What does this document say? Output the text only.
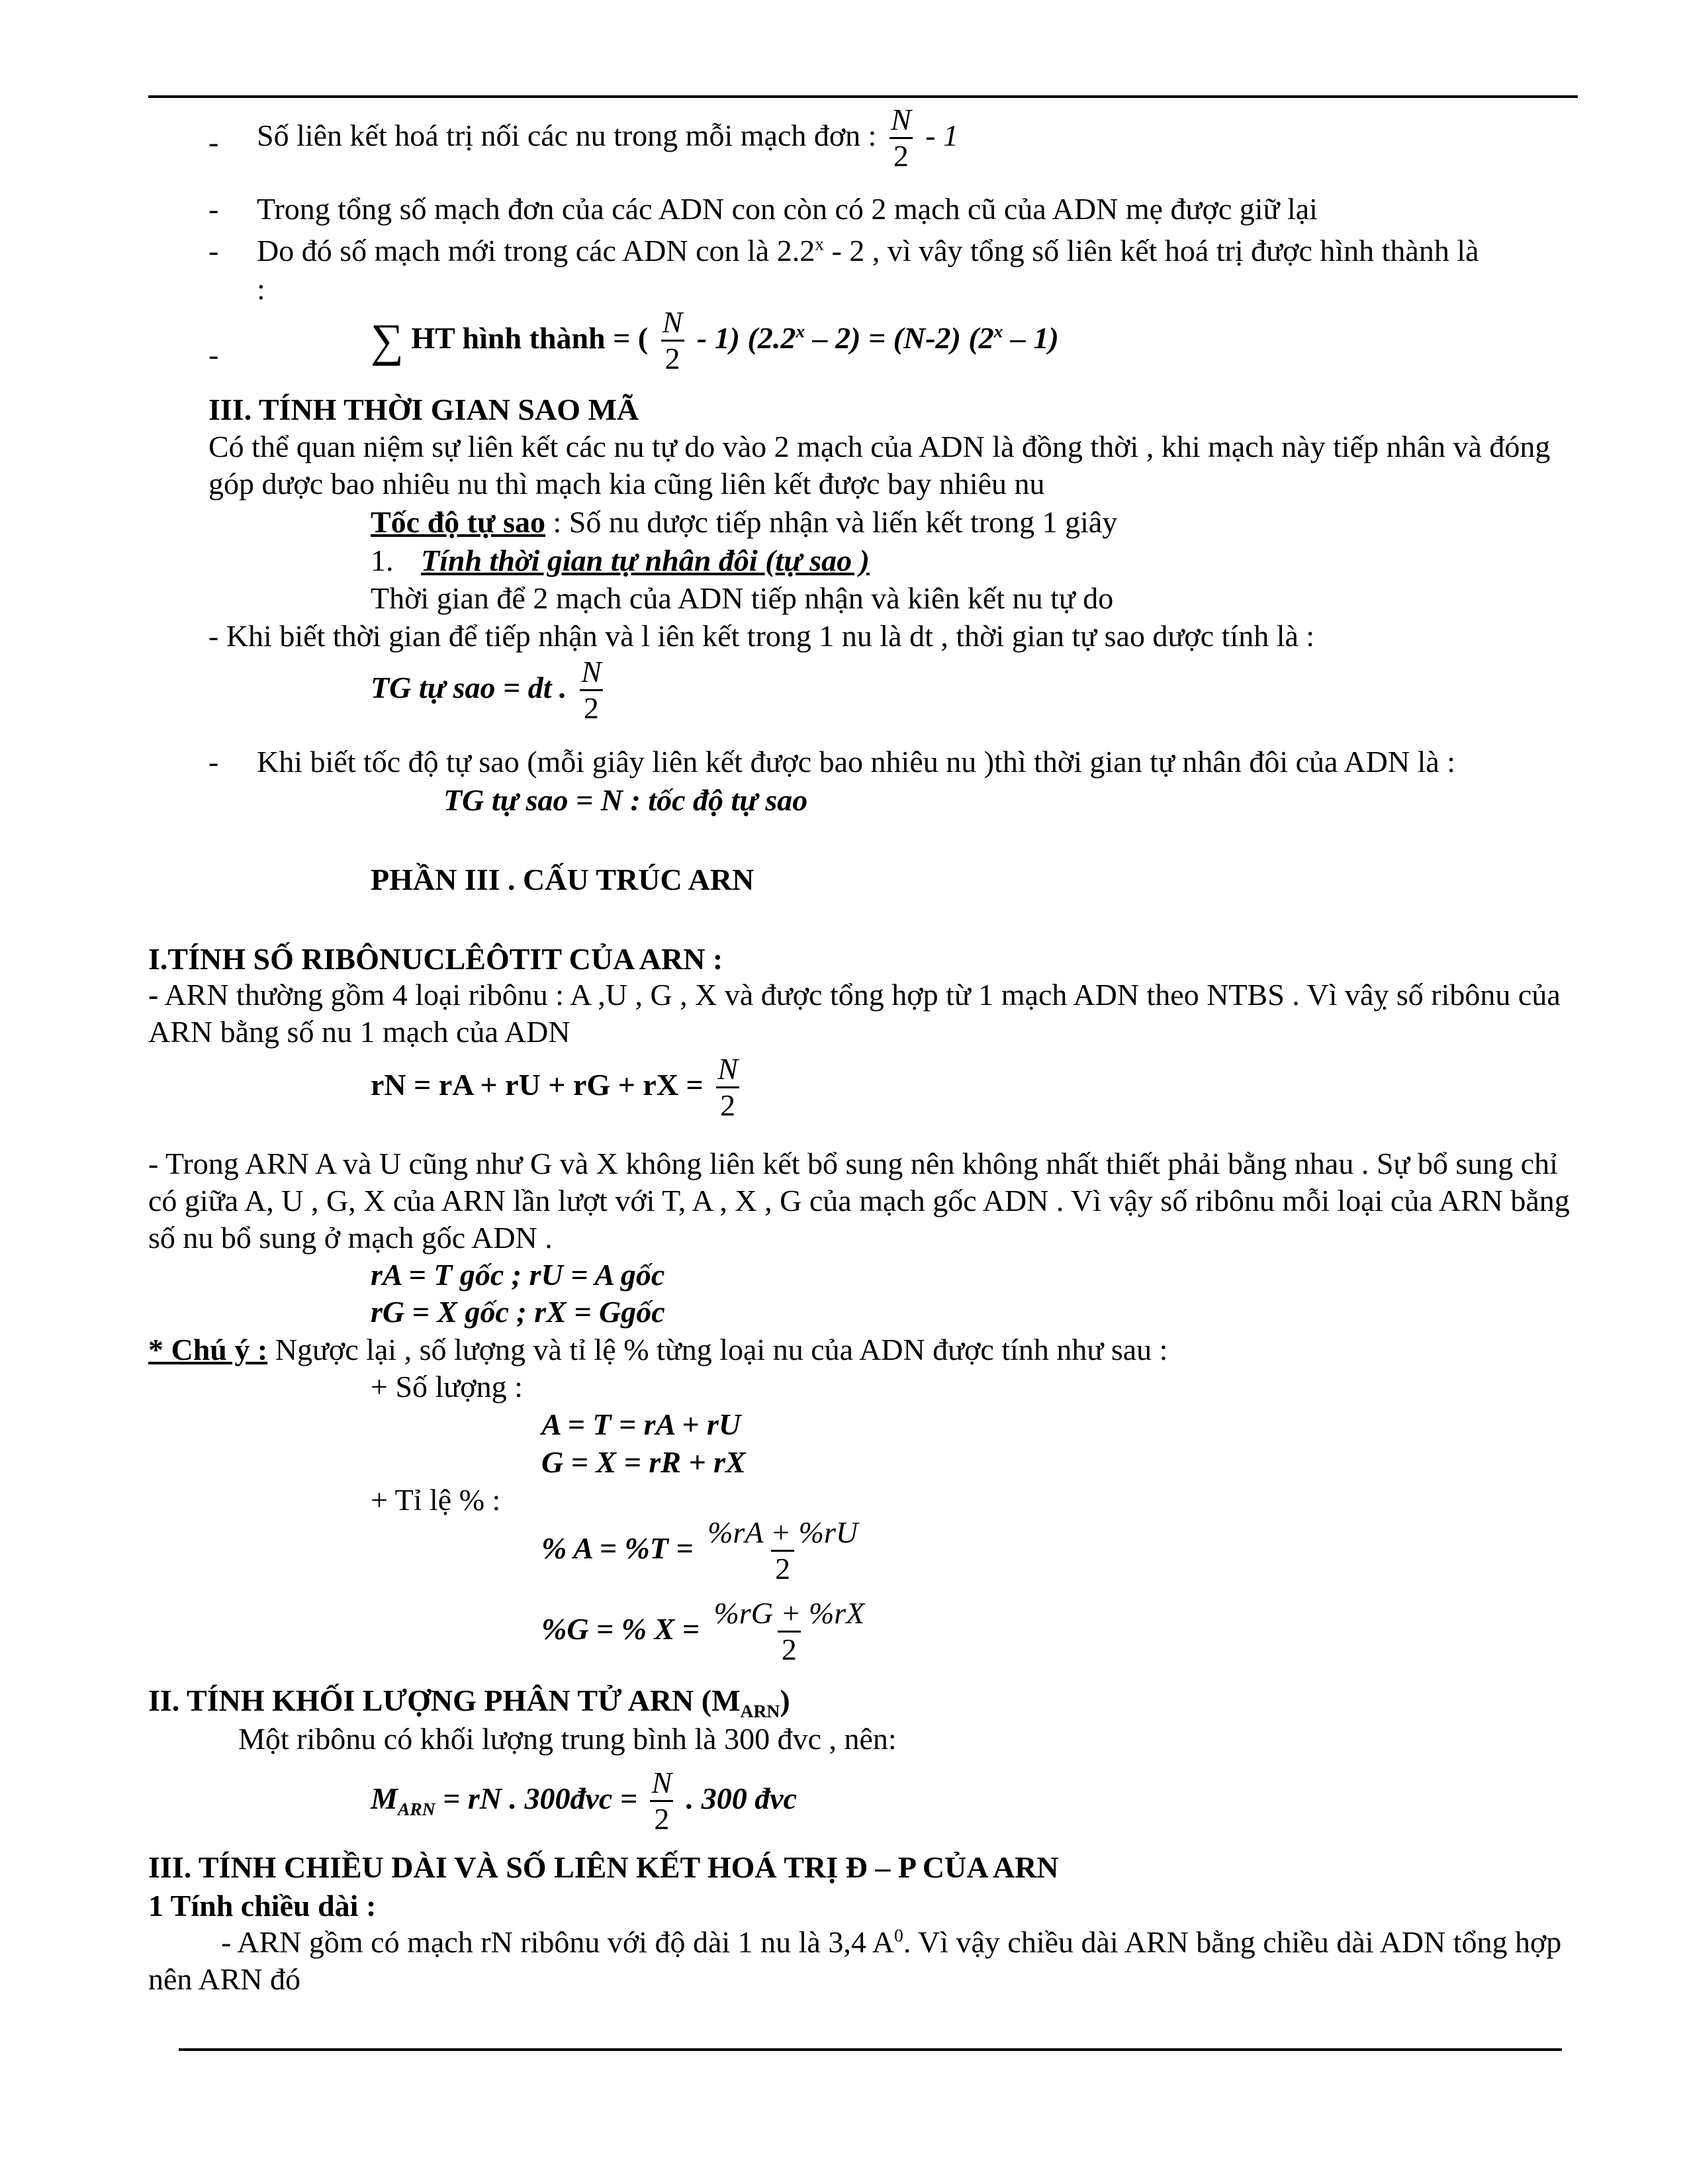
- Số liên kết hoá trị nối các nu trong mỗi mạch đơn : $\frac{N}{2} - 1$
- Trong tổng số mạch đơn của các ADN con còn có 2 mạch cũ của ADN mẹ được giữ lại
- Do đó số mạch mới trong các ADN con là 2.2$^x$ - 2 , vì vây tổng số liên kết hoá trị được hình thành là
:
-	∑ HT hình thành = ( $\frac{N}{2} - 1$) (2.2$^x$ – 2) = (N-2) (2$^x$ – 1)
III. TÍNH THỜI GIAN SAO MÃ
Có thể quan niệm sự liên kết các nu tự do vào 2 mạch của ADN là đồng thời , khi mạch này tiếp nhân và đóng góp dược bao nhiêu nu thì mạch kia cũng liên kết được bay nhiêu nu
Tốc độ tự sao : Số nu dược tiếp nhận và liến kết trong 1 giây
1. Tính thời gian tự nhân đôi (tự sao )
Thời gian để 2 mạch của ADN tiếp nhận và kiên kết nu tự do
- Khi biết thời gian để tiếp nhận và l iên kết trong 1 nu là dt , thời gian tự sao dược tính là :
TG tự sao = dt . $\frac{N}{2}$
- Khi biết tốc độ tự sao (mỗi giây liên kết được bao nhiêu nu )thì thời gian tự nhân đôi của ADN là :
TG tự sao = N : tốc độ tự sao
PHẦN III . CẤU TRÚC ARN
I.TÍNH SỐ RIBÔNUCLÊÔTIT CỦA ARN :
- ARN thường gồm 4 loại ribônu : A ,U , G , X và được tổng hợp từ 1 mạch ADN theo NTBS . Vì vâỵ số ribônu của ARN bằng số nu 1 mạch của ADN
rN = rA + rU + rG + rX = $\frac{N}{2}$
- Trong ARN A và U cũng như G và X không liên kết bổ sung nên không nhất thiết phải bằng nhau . Sự bổ sung chỉ có giữa A, U , G, X của ARN lần lượt với T, A , X , G của mạch gốc ADN . Vì vậy số ribônu mỗi loại của ARN bằng số nu bổ sung ở mạch gốc ADN .
rA = T gốc ; rU = A gốc
rG = X gốc ; rX = Ggốc
* Chú ý : Ngược lại , số lượng và tỉ lệ % từng loại nu của ADN được tính như sau :
+ Số lượng :
A = T = rA + rU
G = X = rR + rX
+ Tỉ lệ % :
% $A = \%T = \frac{\%rA + \%rU}{2}$
%G = % $X = \frac{\%rG + \%rX}{2}$
II. TÍNH KHỐI LƯỢNG PHÂN TỬ ARN $(M_{ARN})$
Một ribônu có khối lượng trung bình là 300 đvc , nên:
$M_{ARN}$ = rN . 300đvc = $\frac{N}{2}$ . 300 đvc
III. TÍNH CHIỀU DÀI VÀ SỐ LIÊN KẾT HOÁ TRỊ Đ – P CỦA ARN
1 Tính chiều dài :
- ARN gồm có mạch rN ribônu với độ dài 1 nu là 3,4 $A^0$. Vì vậy chiều dài ARN bằng chiều dài ADN tổng hợp nên ARN đó
